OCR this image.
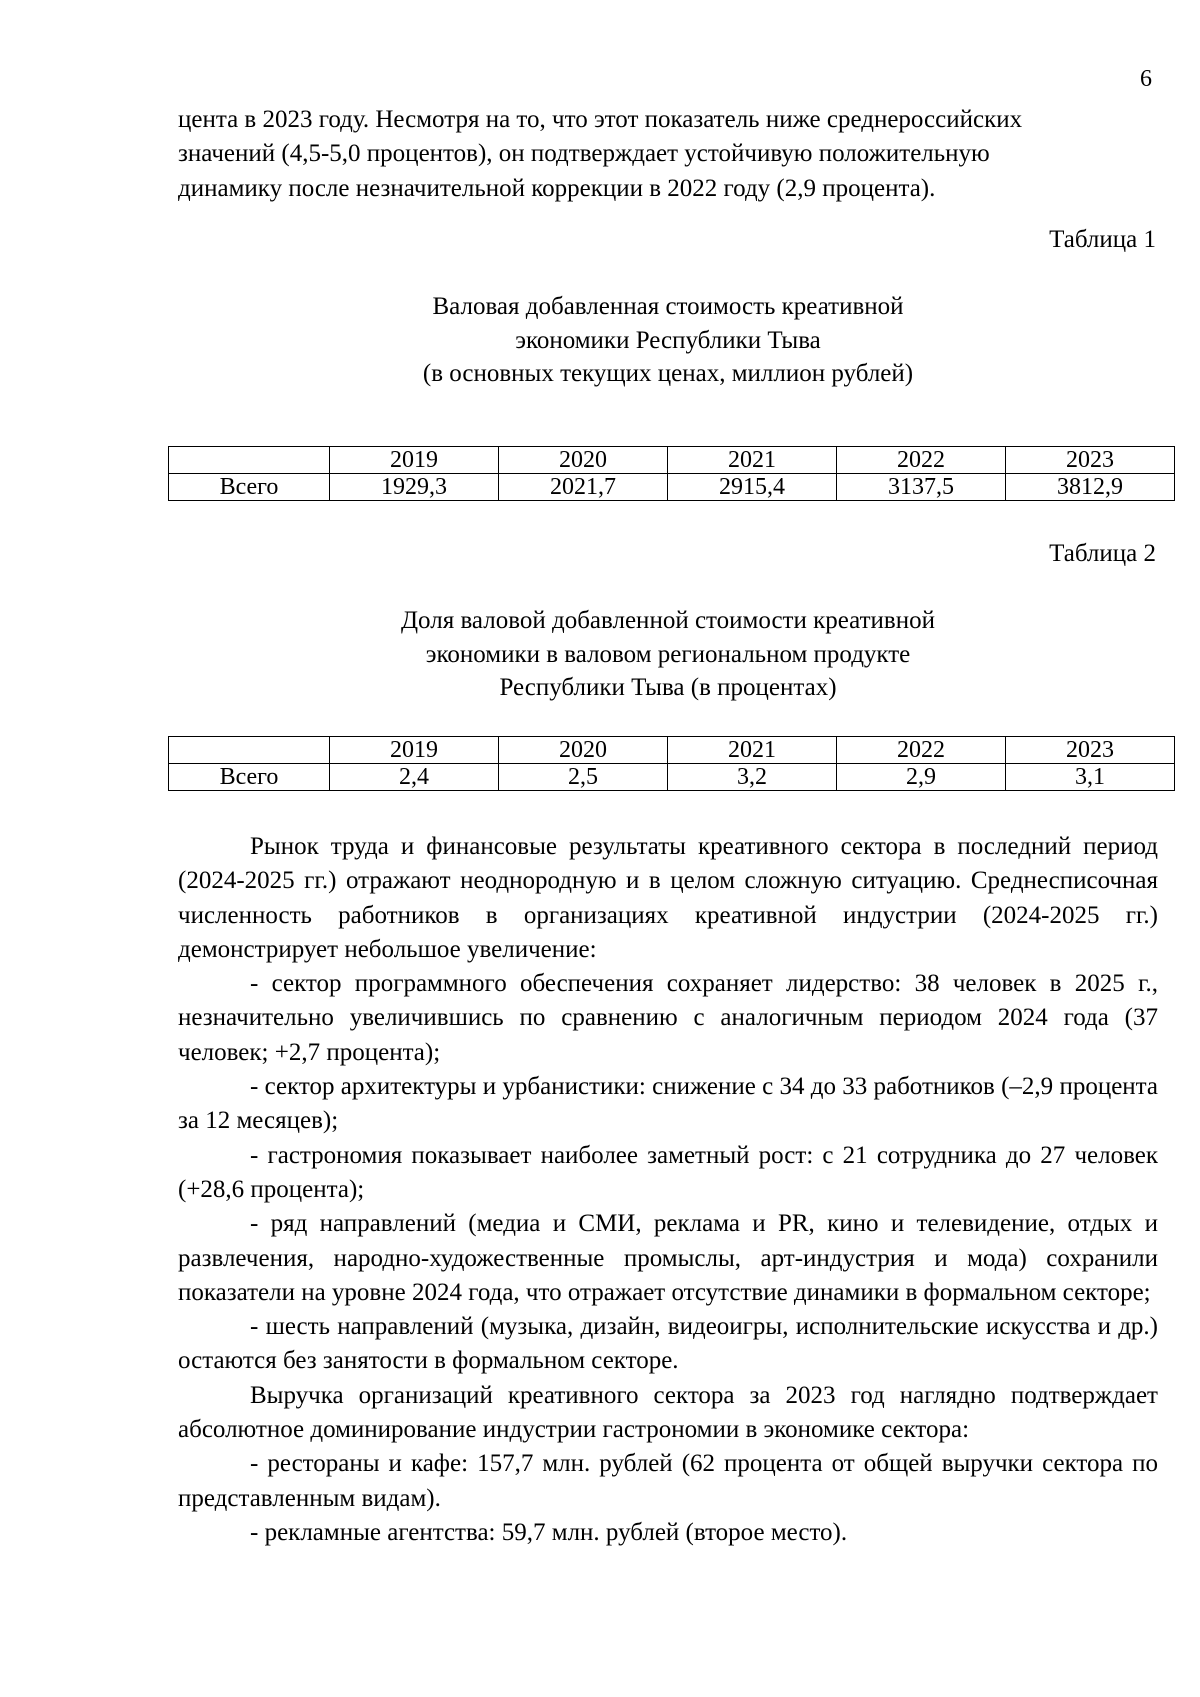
6

цента в 2023 году. Несмотря на то, что этот показатель ниже среднероссийских

значений (4,5-5,0 процентов), он подтверждает устойчивую положительную

динамику после незначительной коррекции в 2022 году (2,9 процента).

Таблица 1
Валовая добавленная стоимость креативной
экономики Республики Тыва
(в основных текущих ценах, миллион рублей)
	2019	2020	2021	2022	2023
Всего	1929,3	2021,7	2915,4	3137,5	3812,9
Таблица 2
Доля валовой добавленной стоимости креативной
экономики в валовом региональном продукте
Республики Тыва (в процентах)
	2019	2020	2021	2022	2023
Всего	2,4	2,5	3,2	2,9	3,1

Рынок труда и финансовые результаты креативного сектора в последний период (2024-2025 гг.) отражают неоднородную и в целом сложную ситуацию. Среднесписочная численность работников в организациях креативной индустрии (2024-2025 гг.) демонстрирует небольшое увеличение:

- сектор программного обеспечения сохраняет лидерство: 38 человек в 2025 г., незначительно увеличившись по сравнению с аналогичным периодом 2024 года (37 человек; +2,7 процента);

- сектор архитектуры и урбанистики: снижение с 34 до 33 работников (–2,9 процента за 12 месяцев);

- гастрономия показывает наиболее заметный рост: с 21 сотрудника до 27 человек (+28,6 процента);

- ряд направлений (медиа и СМИ, реклама и PR, кино и телевидение, отдых и развлечения, народно-художественные промыслы, арт-индустрия и мода) сохранили показатели на уровне 2024 года, что отражает отсутствие динамики в формальном секторе;

- шесть направлений (музыка, дизайн, видеоигры, исполнительские искусства и др.) остаются без занятости в формальном секторе.

Выручка организаций креативного сектора за 2023 год наглядно подтверждает абсолютное доминирование индустрии гастрономии в экономике сектора:

- рестораны и кафе: 157,7 млн. рублей (62 процента от общей выручки сектора по представленным видам).

- рекламные агентства: 59,7 млн. рублей (второе место).
